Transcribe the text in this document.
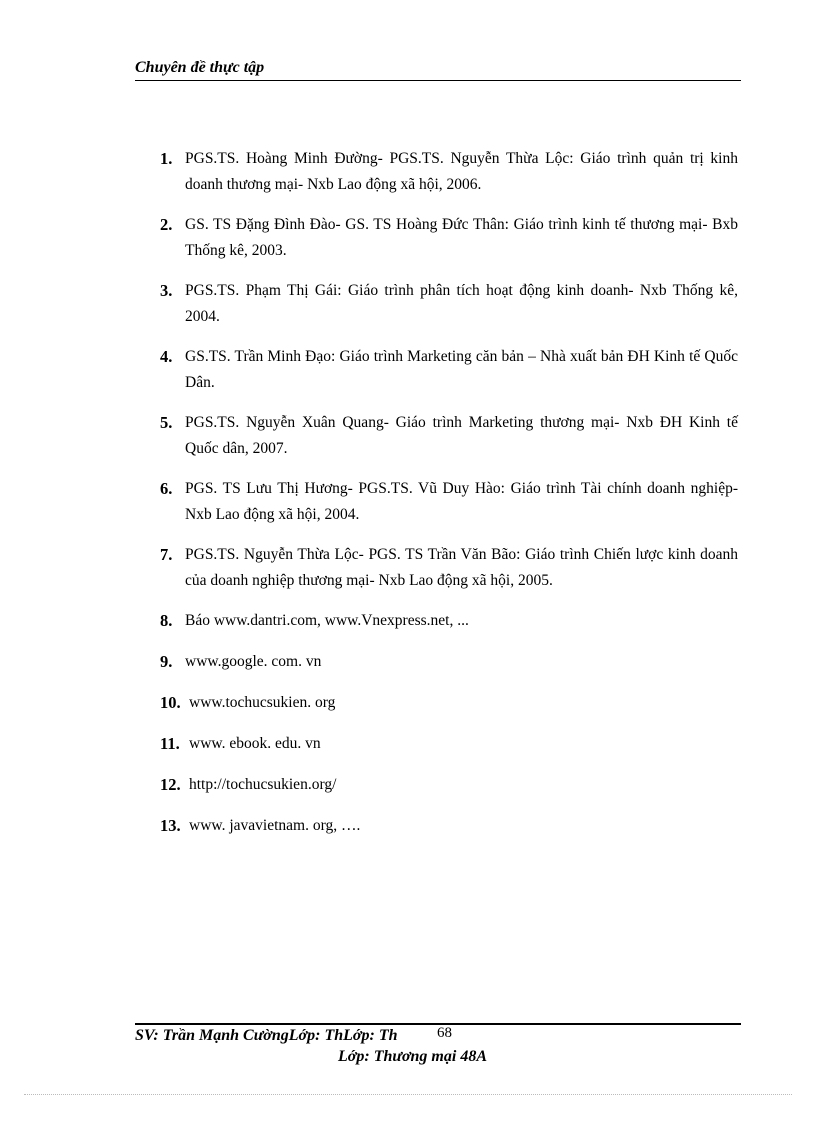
Chuyên đề thực tập
1. PGS.TS. Hoàng Minh Đường- PGS.TS. Nguyễn Thừa Lộc: Giáo trình quản trị kinh doanh thương mại- Nxb Lao động xã hội, 2006.
2. GS. TS Đặng Đình Đào- GS. TS Hoàng Đức Thân: Giáo trình kinh tế thương mại- Bxb Thống kê, 2003.
3. PGS.TS. Phạm Thị Gái: Giáo trình phân tích hoạt động kinh doanh- Nxb Thống kê, 2004.
4. GS.TS. Trần Minh Đạo: Giáo trình Marketing căn bản – Nhà xuất bản ĐH Kinh tế Quốc Dân.
5. PGS.TS. Nguyễn Xuân Quang- Giáo trình Marketing thương mại- Nxb ĐH Kinh tế Quốc dân, 2007.
6. PGS. TS Lưu Thị Hương- PGS.TS. Vũ Duy Hào: Giáo trình Tài chính doanh nghiệp- Nxb Lao động xã hội, 2004.
7. PGS.TS. Nguyễn Thừa Lộc- PGS. TS Trần Văn Bão: Giáo trình Chiến lược kinh doanh của doanh nghiệp thương mại- Nxb Lao động xã hội, 2005.
8. Báo www.dantri.com, www.Vnexpress.net, ...
9. www.google. com. vn
10. www.tochucsukien. org
11. www. ebook. edu. vn
12. http://tochucsukien.org/
13. www. javavietnam. org, ….
SV: Trần Mạnh CườngLớp: ThLớp: Th	68
Lớp: Thương mại 48A
